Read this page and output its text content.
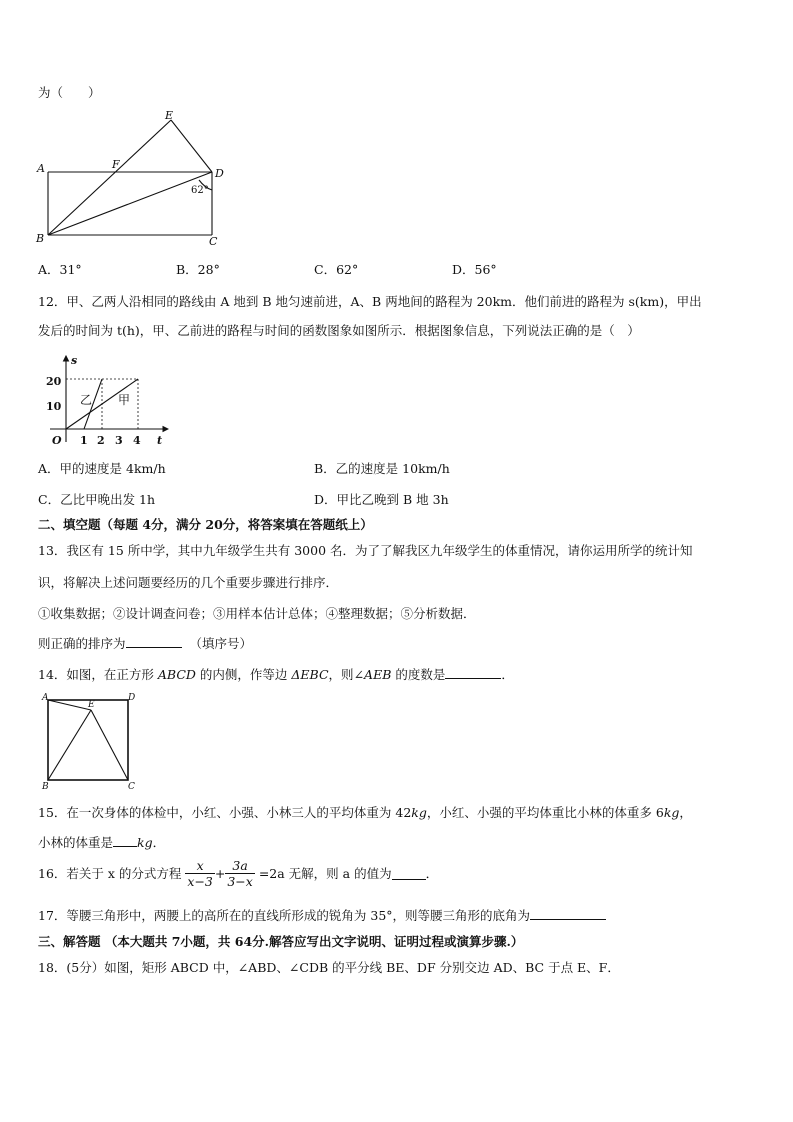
为（　　）
A
B	C
D
E
F
62°
A．31°	B．28°	C．62°	D．56°
12．甲、乙两人沿相同的路线由 A 地到 B 地匀速前进，A、B 两地间的路程为 20km．他们前进的路程为 s(km)，甲出
发后的时间为 t(h)，甲、乙前进的路程与时间的函数图象如图所示．根据图象信息，下列说法正确的是（　）
s
t
O
20
10
1 2 3 4
乙 甲
A．甲的速度是 4km/h	B．乙的速度是 10km/h
C．乙比甲晚出发 1h	D．甲比乙晚到 B 地 3h
二、填空题（每题 4分，满分 20分，将答案填在答题纸上）
13．我区有 15 所中学，其中九年级学生共有 3000 名．为了了解我区九年级学生的体重情况，请你运用所学的统计知
识，将解决上述问题要经历的几个重要步骤进行排序．
①收集数据；②设计调查问卷；③用样本估计总体；④整理数据；⑤分析数据．
则正确的排序为	（填序号）
14．如图，在正方形 ABCD 的内侧，作等边 ΔEBC，则∠AEB 的度数是	．
A
B	C
D
E
15．在一次身体的体检中，小红、小强、小林三人的平均体重为 42kg，小红、小强的平均体重比小林的体重多 6kg，
小林的体重是 kg．
16．若关于 x 的分式方程 $\frac{x}{x-3} + \frac{3a}{3-x} =2a$ 无解，则 a 的值为	．
17．等腰三角形中，两腰上的高所在的直线所形成的锐角为 35°，则等腰三角形的底角为
三、解答题 （本大题共 7小题，共 64分.解答应写出文字说明、证明过程或演算步骤.）
18．(5分）如图，矩形 ABCD 中，∠ABD、∠CDB 的平分线 BE、DF 分别交边 AD、BC 于点 E、F．
